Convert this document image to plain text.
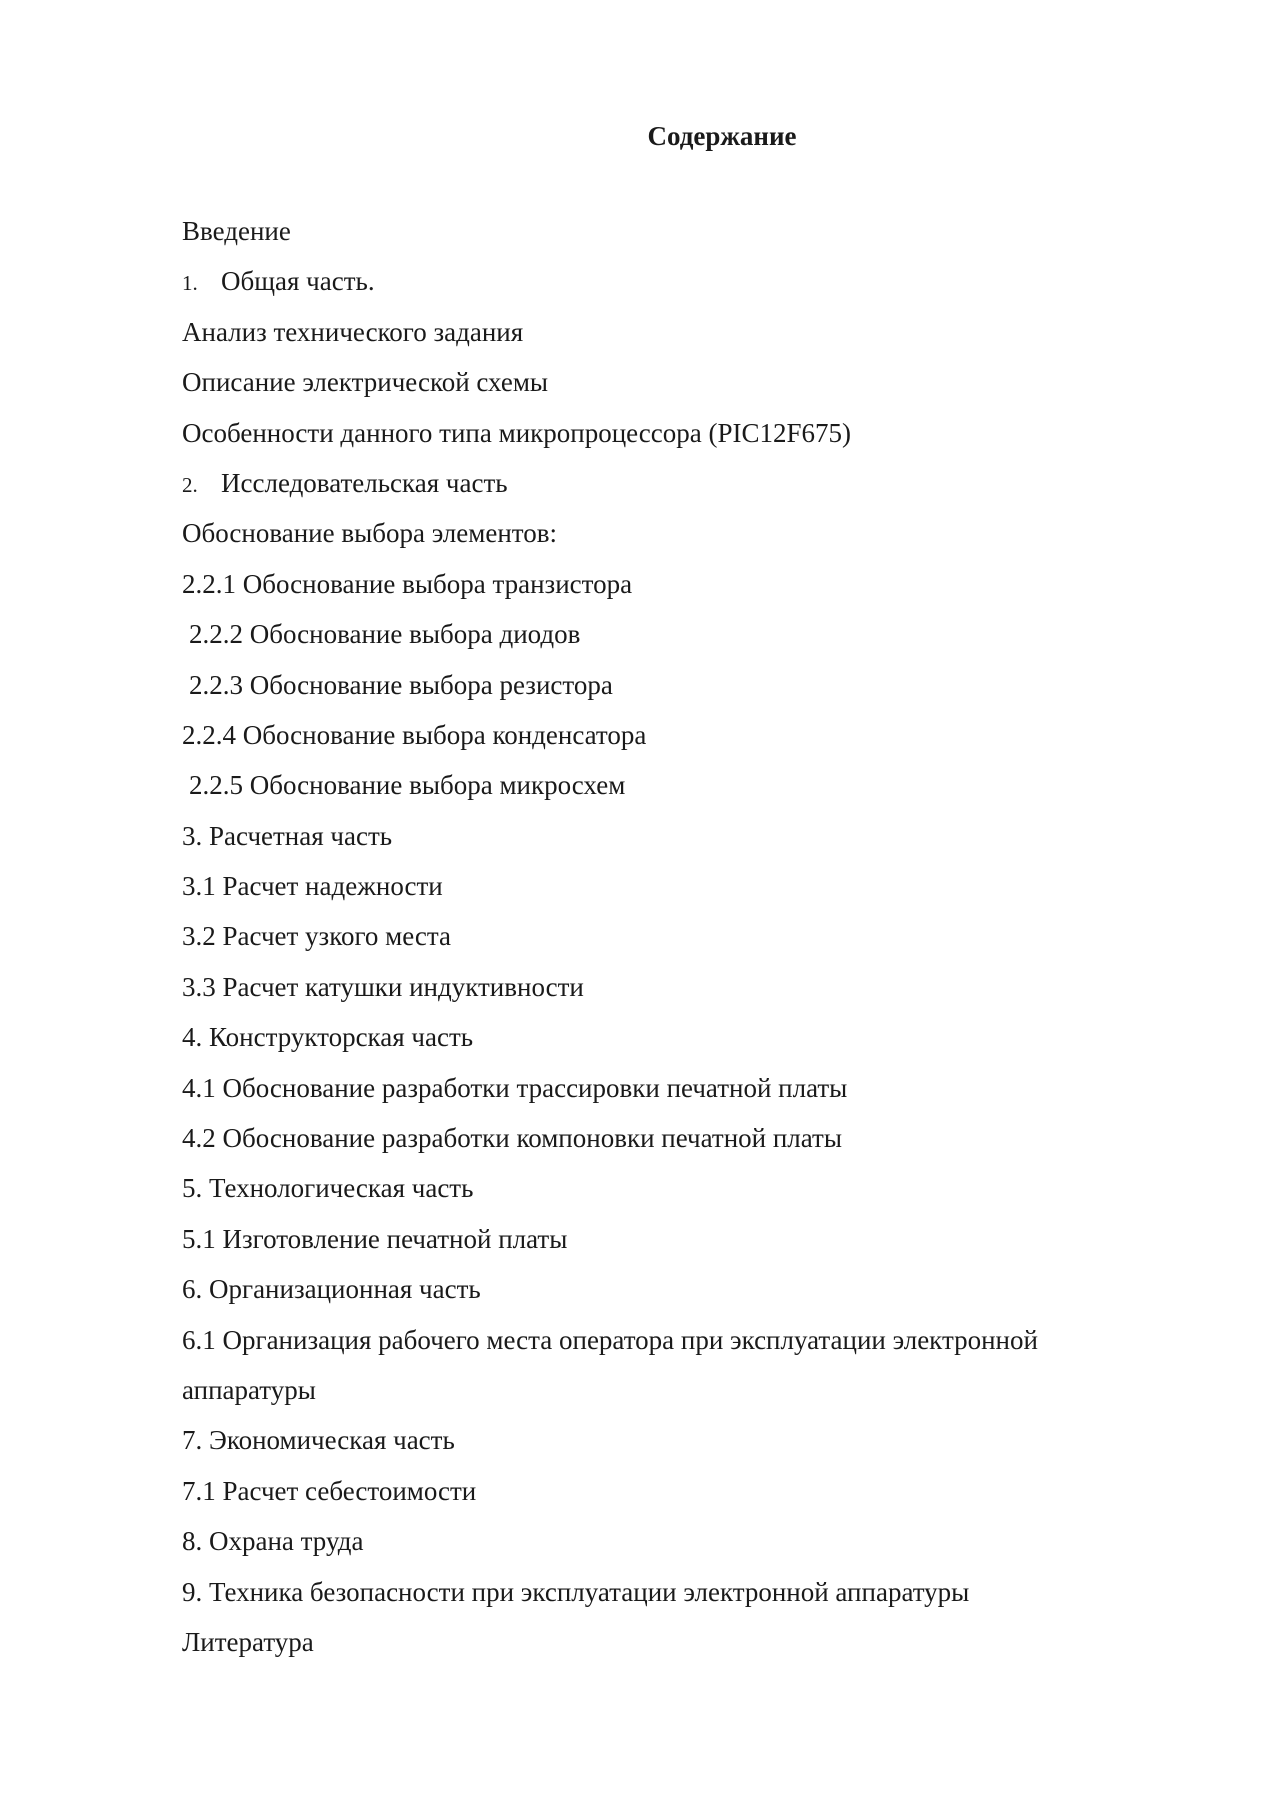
Содержание
Введение
1. Общая часть.
Анализ технического задания
Описание электрической схемы
Особенности данного типа микропроцессора (PIC12F675)
2. Исследовательская часть
Обоснование выбора элементов:
2.2.1 Обоснование выбора транзистора
2.2.2 Обоснование выбора диодов
2.2.3 Обоснование выбора резистора
2.2.4 Обоснование выбора конденсатора
2.2.5 Обоснование выбора микросхем
3. Расчетная часть
3.1 Расчет надежности
3.2 Расчет узкого места
3.3 Расчет катушки индуктивности
4. Конструкторская часть
4.1 Обоснование разработки трассировки печатной платы
4.2 Обоснование разработки компоновки печатной платы
5. Технологическая часть
5.1 Изготовление печатной платы
6. Организационная часть
6.1 Организация рабочего места оператора при эксплуатации электронной
аппаратуры
7. Экономическая часть
7.1 Расчет себестоимости
8. Охрана труда
9. Техника безопасности при эксплуатации электронной аппаратуры
Литература
